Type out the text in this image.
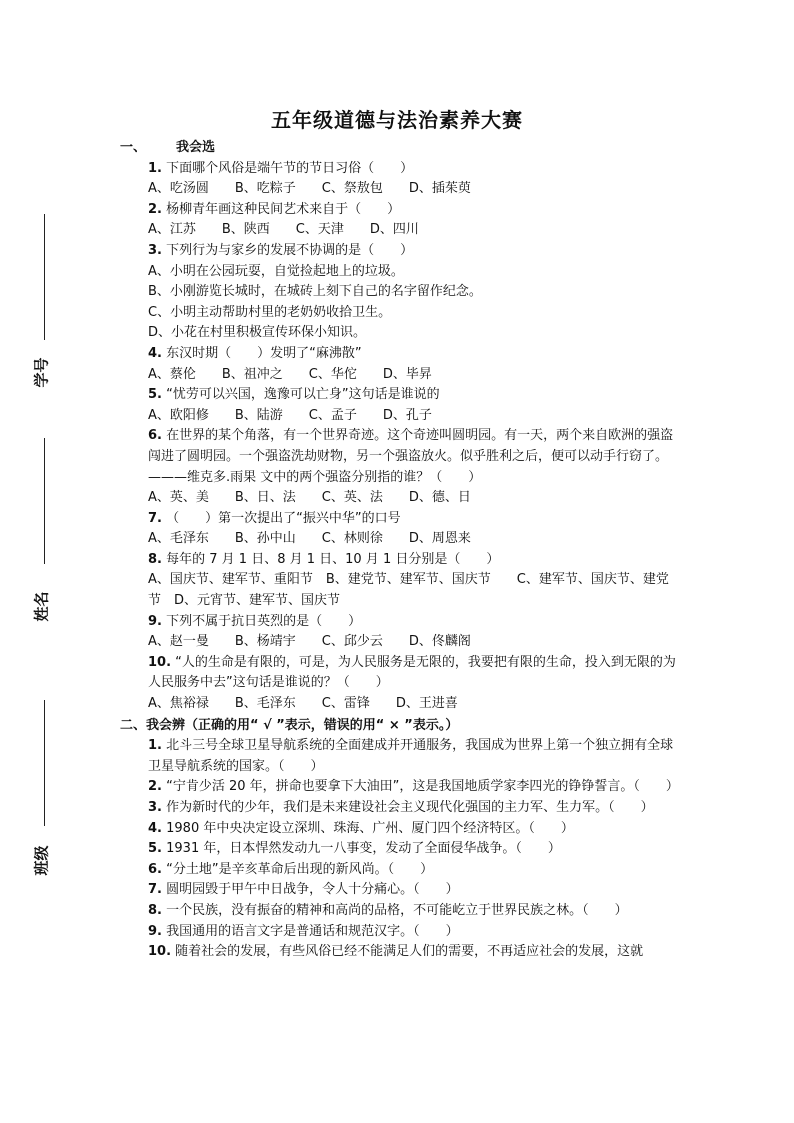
五年级道德与法治素养大赛
学号
姓名
班级
一、 我会选
1. 下面哪个风俗是端午节的节日习俗（　　）
A、吃汤圆　　B、吃粽子　　C、祭敖包　　D、插茱萸
2. 杨柳青年画这种民间艺术来自于（　　）
A、江苏　　B、陕西　　C、天津　　D、四川
3. 下列行为与家乡的发展不协调的是（　　）
A、小明在公园玩耍，自觉捡起地上的垃圾。
B、小刚游览长城时，在城砖上刻下自己的名字留作纪念。
C、小明主动帮助村里的老奶奶收拾卫生。
D、小花在村里积极宣传环保小知识。
4. 东汉时期（　　）发明了“麻沸散”
A、蔡伦　　B、祖冲之　　C、华佗　　D、毕昇
5. “忧劳可以兴国，逸豫可以亡身”这句话是谁说的
A、欧阳修　　B、陆游　　C、孟子　　D、孔子
6. 在世界的某个角落，有一个世界奇迹。这个奇迹叫圆明园。有一天，两个来自欧洲的强盗闯进了圆明园。一个强盗洗劫财物，另一个强盗放火。似乎胜利之后，便可以动手行窃了。———维克多.雨果 文中的两个强盗分别指的谁？（　　）
A、英、美　　B、日、法　　C、英、法　　D、德、日
7. （　　）第一次提出了“振兴中华”的口号
A、毛泽东　　B、孙中山　　C、林则徐　　D、周恩来
8. 每年的 7 月 1 日、8 月 1 日、10 月 1 日分别是（　　）
A、国庆节、建军节、重阳节　B、建党节、建军节、国庆节　　C、建军节、国庆节、建党节　D、元宵节、建军节、国庆节
9. 下列不属于抗日英烈的是（　　）
A、赵一曼　　B、杨靖宇　　C、邱少云　　D、佟麟阁
10. “人的生命是有限的，可是，为人民服务是无限的，我要把有限的生命，投入到无限的为人民服务中去”这句话是谁说的？（　　）
A、焦裕禄　　B、毛泽东　　C、雷锋　　D、王进喜
二、我会辨（正确的用“ √ ”表示，错误的用“ × ”表示。）
1. 北斗三号全球卫星导航系统的全面建成并开通服务，我国成为世界上第一个独立拥有全球卫星导航系统的国家。（　　）
2. “宁肯少活 20 年，拼命也要拿下大油田”，这是我国地质学家李四光的铮铮誓言。（　　）
3. 作为新时代的少年，我们是未来建设社会主义现代化强国的主力军、生力军。（　　）
4. 1980 年中央决定设立深圳、珠海、广州、厦门四个经济特区。（　　）
5. 1931 年，日本悍然发动九一八事变，发动了全面侵华战争。（　　）
6. “分土地”是辛亥革命后出现的新风尚。（　　）
7. 圆明园毁于甲午中日战争，令人十分痛心。（　　）
8. 一个民族，没有振奋的精神和高尚的品格，不可能屹立于世界民族之林。（　　）
9. 我国通用的语言文字是普通话和规范汉字。（　　）
10. 随着社会的发展，有些风俗已经不能满足人们的需要，不再适应社会的发展，这就
